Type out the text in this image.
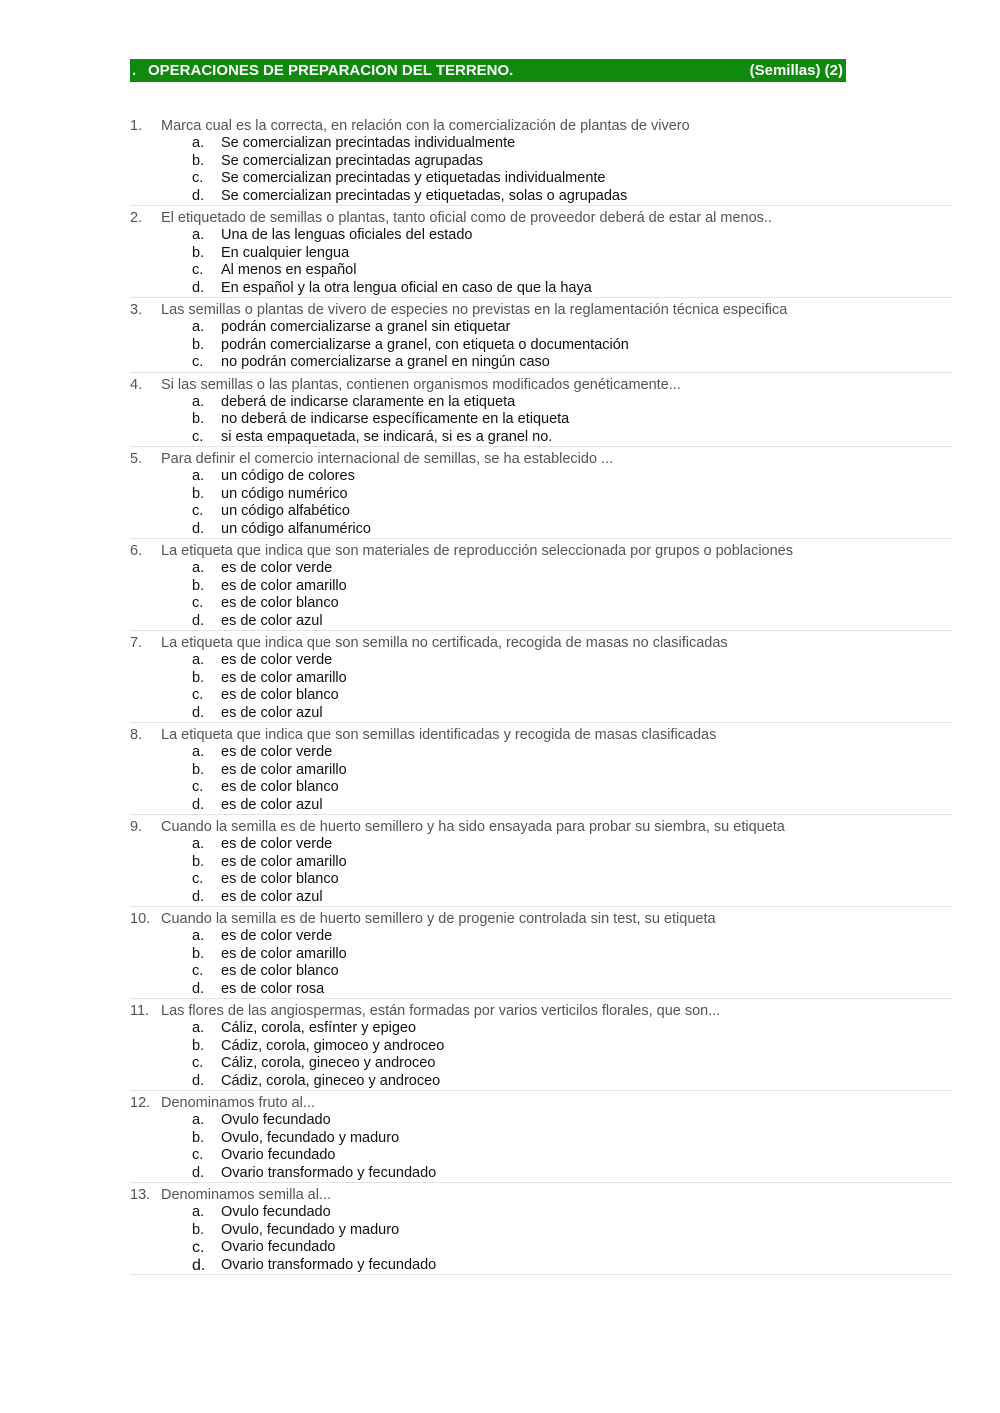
. OPERACIONES DE PREPARACION DEL TERRENO.	(Semillas) (2)
1. Marca cual es la correcta, en relación con la comercialización de plantas de vivero
a. Se comercializan precintadas individualmente
b. Se comercializan precintadas agrupadas
c. Se comercializan precintadas y etiquetadas individualmente
d. Se comercializan precintadas y etiquetadas, solas o agrupadas
2. El etiquetado de semillas o plantas, tanto oficial como de proveedor deberá de estar al menos..
a. Una de las lenguas oficiales del estado
b. En cualquier lengua
c. Al menos en español
d. En español y la otra lengua oficial en caso de que la haya
3. Las semillas o plantas de vivero de especies no previstas en la reglamentación técnica especifica
a. podrán comercializarse a granel sin etiquetar
b. podrán comercializarse a granel, con etiqueta o documentación
c. no podrán comercializarse a granel en ningún caso
4. Si las semillas o las plantas, contienen organismos modificados genéticamente...
a. deberá de indicarse claramente en la etiqueta
b. no deberá de indicarse específicamente en la etiqueta
c. si esta empaquetada, se indicará, si es a granel no.
5. Para definir el comercio internacional de semillas, se ha establecido ...
a. un código de colores
b. un código numérico
c. un código alfabético
d. un código alfanumérico
6. La etiqueta que indica que son materiales de reproducción seleccionada por grupos o poblaciones
a. es de color verde
b. es de color amarillo
c. es de color blanco
d. es de color azul
7. La etiqueta que indica que son semilla no certificada, recogida de masas no clasificadas
a. es de color verde
b. es de color amarillo
c. es de color blanco
d. es de color azul
8. La etiqueta que indica que son semillas identificadas y recogida de masas clasificadas
a. es de color verde
b. es de color amarillo
c. es de color blanco
d. es de color azul
9. Cuando la semilla es de huerto semillero y ha sido ensayada para probar su siembra, su etiqueta
a. es de color verde
b. es de color amarillo
c. es de color blanco
d. es de color azul
10. Cuando la semilla es de huerto semillero y de progenie controlada sin test, su etiqueta
a. es de color verde
b. es de color amarillo
c. es de color blanco
d. es de color rosa
11. Las flores de las angiospermas, están formadas por varios verticilos florales, que son...
a. Cáliz, corola, esfínter y epigeo
b. Cádiz, corola, gimoceo y androceo
c. Cáliz, corola, gineceo y androceo
d. Cádiz, corola, gineceo y androceo
12. Denominamos fruto al...
a. Ovulo fecundado
b. Ovulo, fecundado y maduro
c. Ovario fecundado
d. Ovario transformado y fecundado
13. Denominamos semilla al...
a. Ovulo fecundado
b. Ovulo, fecundado y maduro
c. Ovario fecundado
d. Ovario transformado y fecundado
